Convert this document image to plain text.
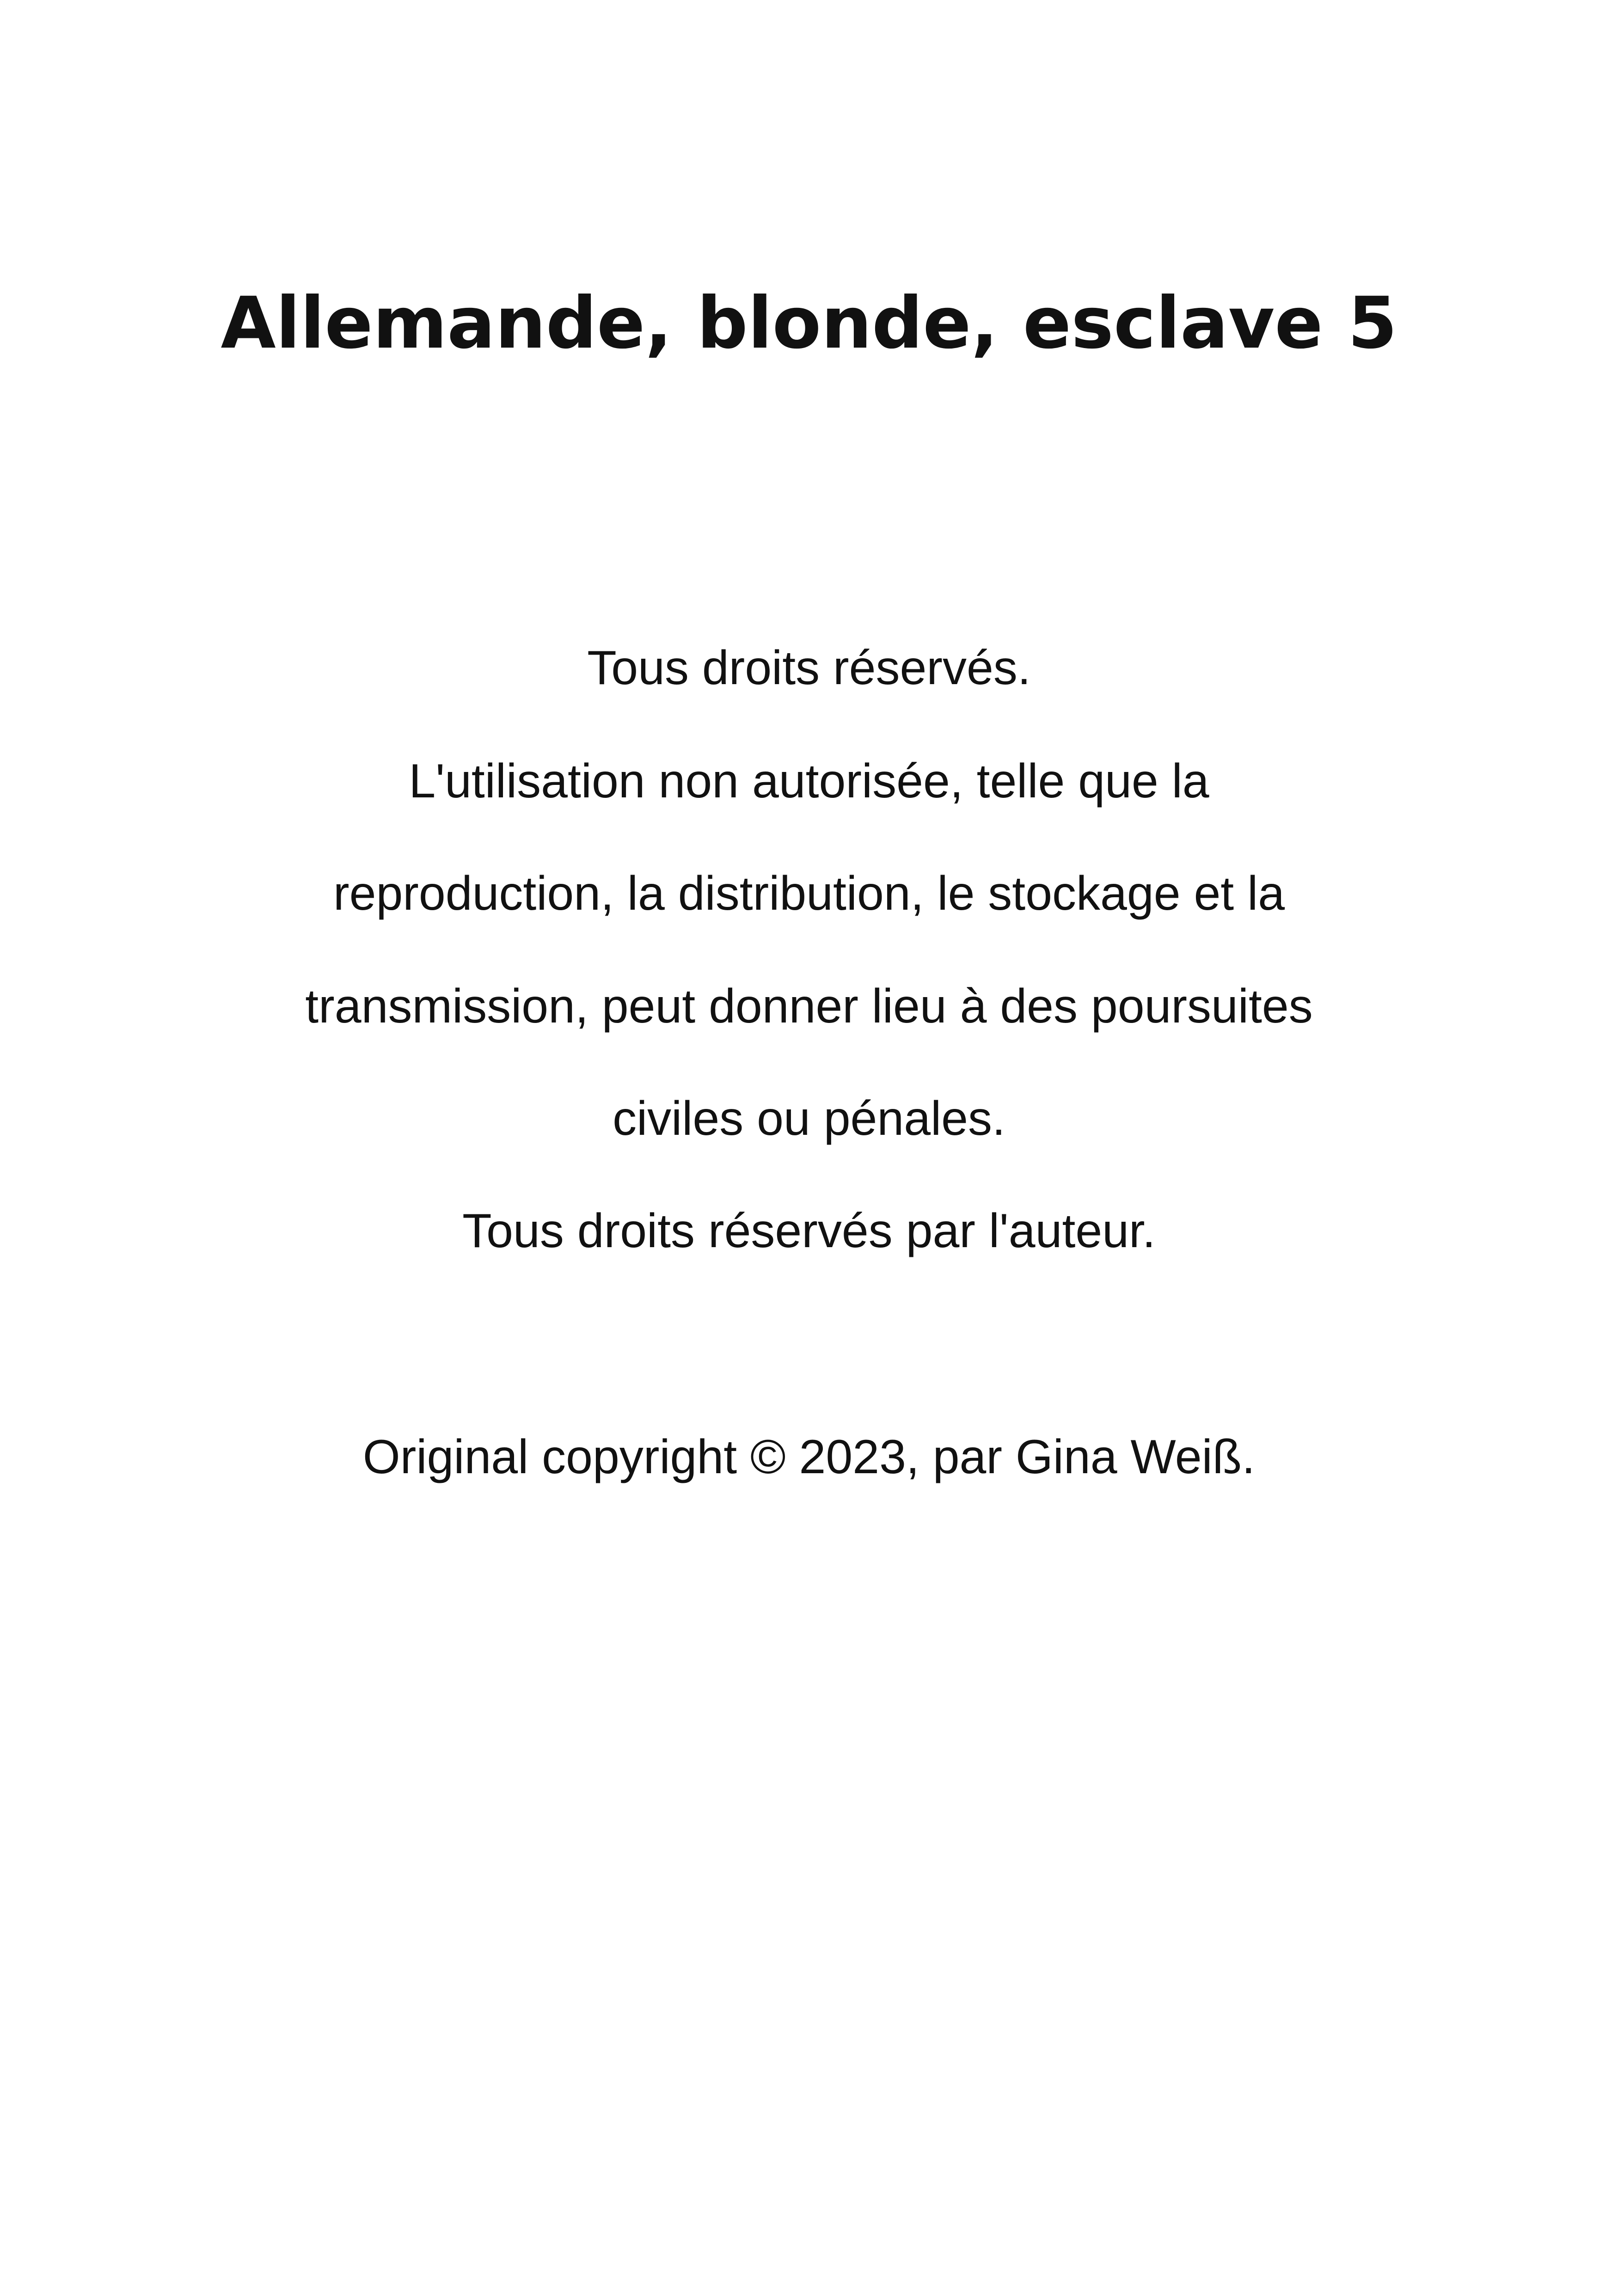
Allemande, blonde, esclave 5

Tous droits réservés.

L'utilisation non autorisée, telle que la

reproduction, la distribution, le stockage et la

transmission, peut donner lieu à des poursuites

civiles ou pénales.

Tous droits réservés par l'auteur.

Original copyright © 2023, par Gina Weiß.
